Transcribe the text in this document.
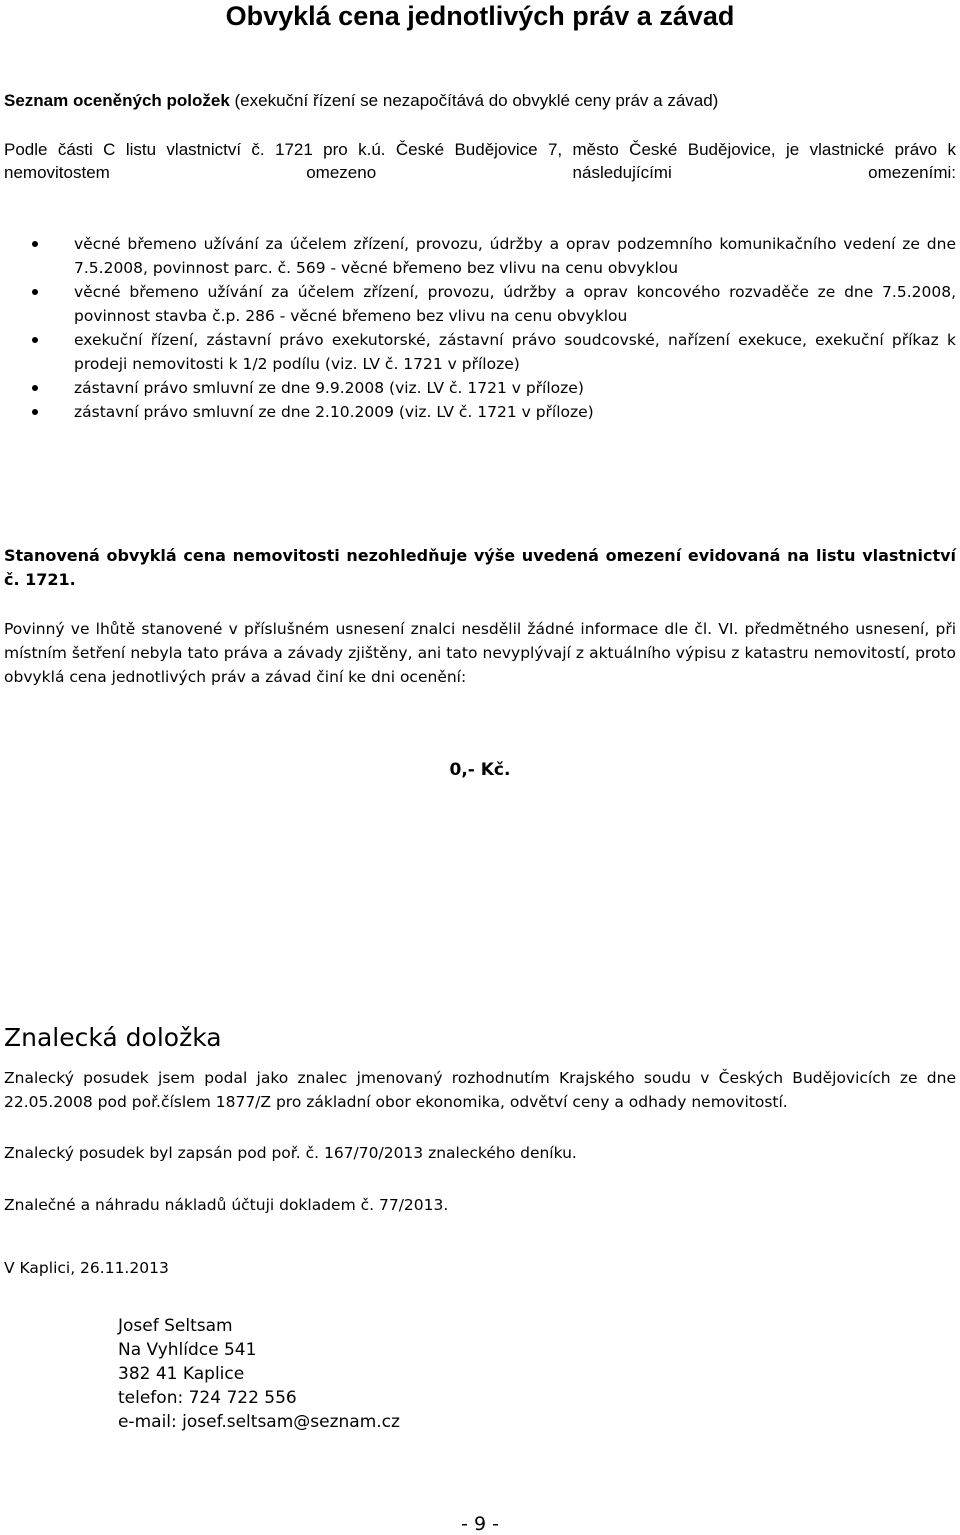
Obvyklá cena jednotlivých práv a závad

Seznam oceněných položek (exekuční řízení se nezapočítává do obvyklé ceny práv a závad)

Podle části C listu vlastnictví č. 1721 pro k.ú. České Budějovice 7, město České Budějovice, je vlastnické právo k nemovitostem omezeno následujícími omezeními:

věcné břemeno užívání za účelem zřízení, provozu, údržby a oprav podzemního komunikačního vedení ze dne 7.5.2008, povinnost parc. č. 569 - věcné břemeno bez vlivu na cenu obvyklou
věcné břemeno užívání za účelem zřízení, provozu, údržby a oprav koncového rozvaděče ze dne 7.5.2008, povinnost stavba č.p. 286 - věcné břemeno bez vlivu na cenu obvyklou
exekuční řízení, zástavní právo exekutorské, zástavní právo soudcovské, nařízení exekuce, exekuční příkaz k prodeji nemovitosti k 1/2 podílu (viz. LV č. 1721 v příloze)
zástavní právo smluvní ze dne 9.9.2008 (viz. LV č. 1721 v příloze)
zástavní právo smluvní ze dne 2.10.2009 (viz. LV č. 1721 v příloze)

Stanovená obvyklá cena nemovitosti nezohledňuje výše uvedená omezení evidovaná na listu vlastnictví č. 1721.

Povinný ve lhůtě stanovené v příslušném usnesení znalci nesdělil žádné informace dle čl. VI. předmětného usnesení, při místním šetření nebyla tato práva a závady zjištěny, ani tato nevyplývají z aktuálního výpisu z katastru nemovitostí, proto obvyklá cena jednotlivých práv a závad činí ke dni ocenění:

0,- Kč.
Znalecká doložka

Znalecký posudek jsem podal jako znalec jmenovaný rozhodnutím Krajského soudu v Českých Budějovicích ze dne 22.05.2008 pod poř.číslem 1877/Z pro základní obor ekonomika, odvětví ceny a odhady nemovitostí.

Znalecký posudek byl zapsán pod poř. č. 167/70/2013 znaleckého deníku.

Znalečné a náhradu nákladů účtuji dokladem č. 77/2013.

V Kaplici, 26.11.2013

Josef Seltsam
Na Vyhlídce 541
382 41 Kaplice
telefon: 724 722 556
e-mail: josef.seltsam@seznam.cz
- 9 -
